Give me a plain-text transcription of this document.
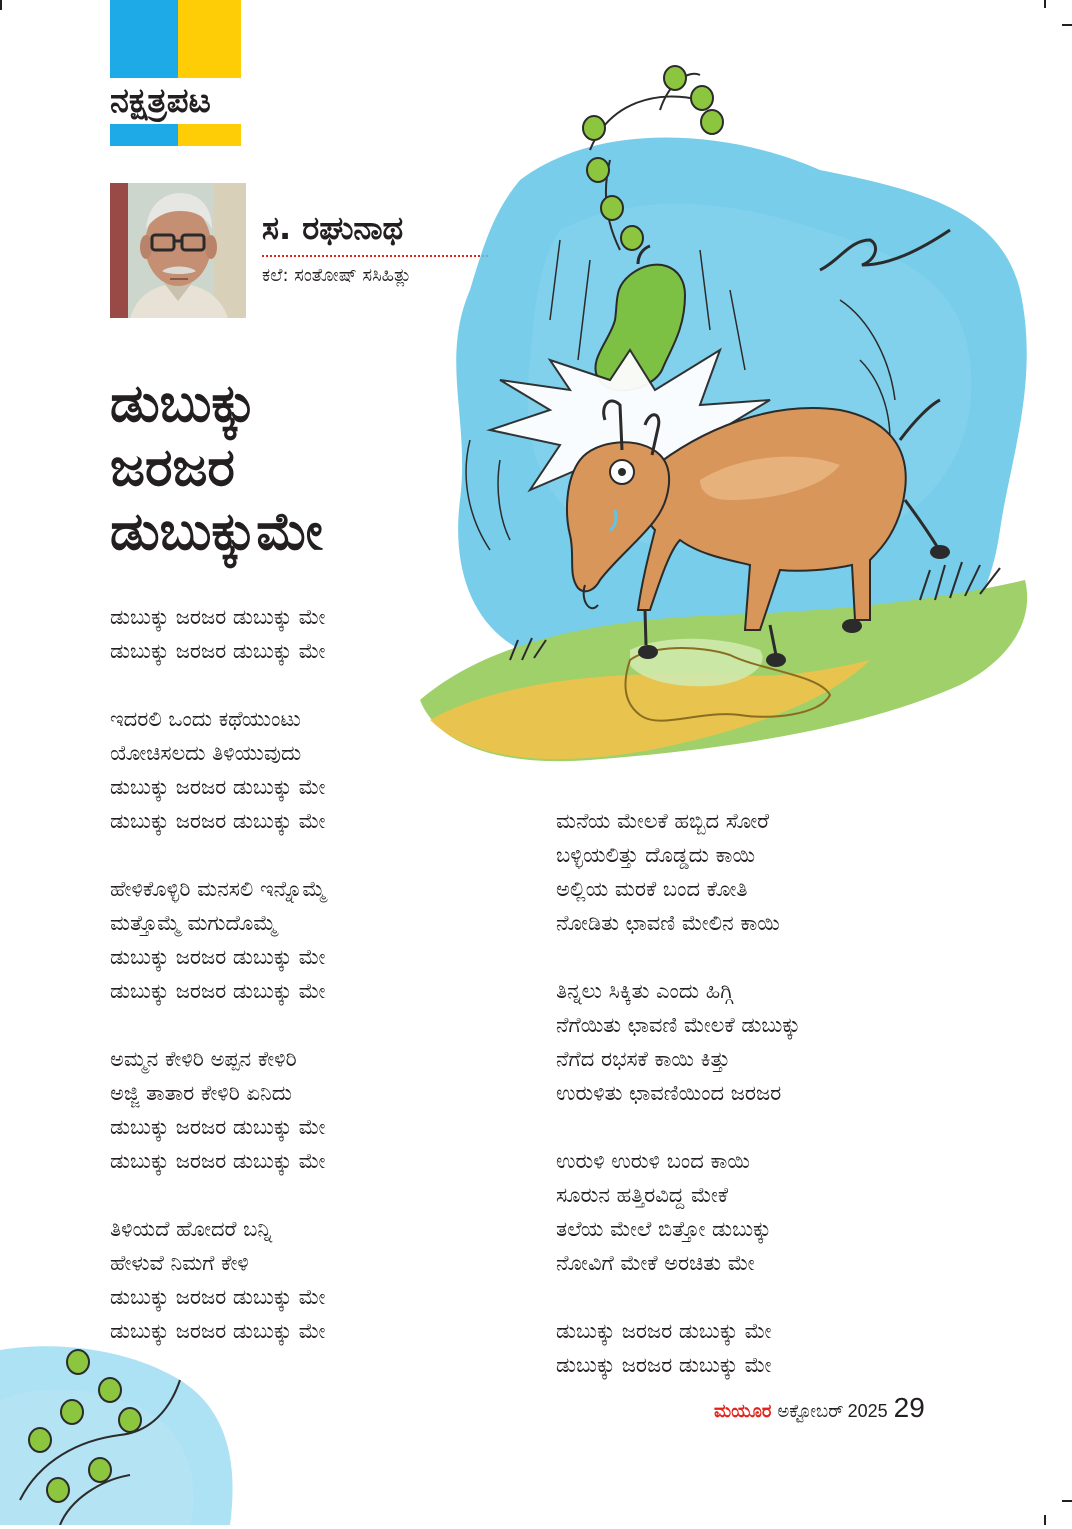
ನಕ್ಷತ್ರಪಟ
ಸ. ರಘುನಾಥ
ಕಲೆ: ಸಂತೋಷ್ ಸಸಿಹಿತ್ಲು
ಡುಬುಕ್ಕು
ಜರಜರ
ಡುಬುಕ್ಕುಮೇ
ಡುಬುಕ್ಕು ಜರಜರ ಡುಬುಕ್ಕು ಮೇ
ಡುಬುಕ್ಕು ಜರಜರ ಡುಬುಕ್ಕು ಮೇ
ಇದರಲಿ ಒಂದು ಕಥೆಯುಂಟು
ಯೋಚಿಸಲದು ತಿಳಿಯುವುದು
ಡುಬುಕ್ಕು ಜರಜರ ಡುಬುಕ್ಕು ಮೇ
ಡುಬುಕ್ಕು ಜರಜರ ಡುಬುಕ್ಕು ಮೇ
ಹೇಳಿಕೊಳ್ಳಿರಿ ಮನಸಲಿ ಇನ್ನೊಮ್ಮೆ
ಮತ್ತೊಮ್ಮೆ ಮಗುದೊಮ್ಮೆ
ಡುಬುಕ್ಕು ಜರಜರ ಡುಬುಕ್ಕು ಮೇ
ಡುಬುಕ್ಕು ಜರಜರ ಡುಬುಕ್ಕು ಮೇ
ಅಮ್ಮನ ಕೇಳಿರಿ ಅಪ್ಪನ ಕೇಳಿರಿ
ಅಜ್ಜಿ ತಾತಾರ ಕೇಳಿರಿ ಏನಿದು
ಡುಬುಕ್ಕು ಜರಜರ ಡುಬುಕ್ಕು ಮೇ
ಡುಬುಕ್ಕು ಜರಜರ ಡುಬುಕ್ಕು ಮೇ
ತಿಳಿಯದೆ ಹೋದರೆ ಬನ್ನಿ
ಹೇಳುವೆ ನಿಮಗೆ ಕೇಳಿ
ಡುಬುಕ್ಕು ಜರಜರ ಡುಬುಕ್ಕು ಮೇ
ಡುಬುಕ್ಕು ಜರಜರ ಡುಬುಕ್ಕು ಮೇ
ಮನೆಯ ಮೇಲಕೆ ಹಬ್ಬಿದ ಸೋರೆ
ಬಳ್ಳಿಯಲಿತ್ತು ದೊಡ್ಡದು ಕಾಯಿ
ಅಲ್ಲಿಯ ಮರಕೆ ಬಂದ ಕೋತಿ
ನೋಡಿತು ಛಾವಣಿ ಮೇಲಿನ ಕಾಯಿ
ತಿನ್ನಲು ಸಿಕ್ಕಿತು ಎಂದು ಹಿಗ್ಗಿ
ನೆಗೆಯಿತು ಛಾವಣಿ ಮೇಲಕೆ ಡುಬುಕ್ಕು
ನೆಗೆದ ರಭಸಕೆ ಕಾಯಿ ಕಿತ್ತು
ಉರುಳಿತು ಛಾವಣಿಯಿಂದ ಜರಜರ
ಉರುಳಿ ಉರುಳಿ ಬಂದ ಕಾಯಿ
ಸೂರುನ ಹತ್ತಿರವಿದ್ದ ಮೇಕೆ
ತಲೆಯ ಮೇಲೆ ಬಿತ್ತೋ ಡುಬುಕ್ಕು
ನೋವಿಗೆ ಮೇಕೆ ಅರಚಿತು ಮೇ
ಡುಬುಕ್ಕು ಜರಜರ ಡುಬುಕ್ಕು ಮೇ
ಡುಬುಕ್ಕು ಜರಜರ ಡುಬುಕ್ಕು ಮೇ
ಮಯೂರ ಅಕ್ಟೋಬರ್ 2025 29
